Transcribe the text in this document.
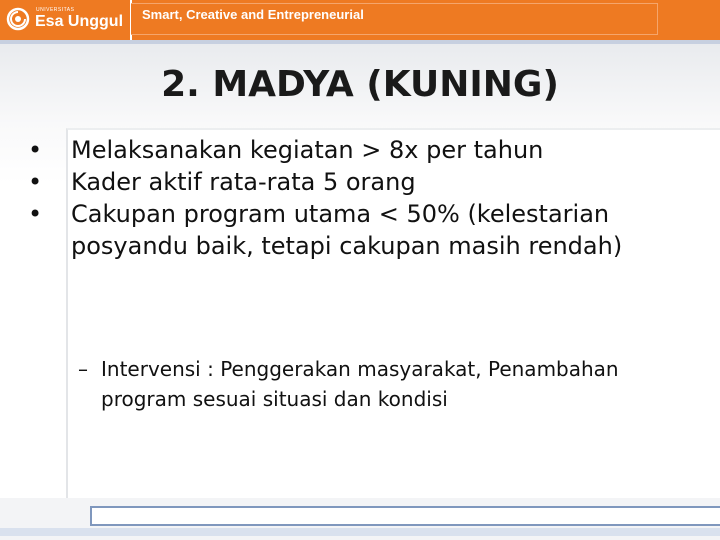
UNIVERSITAS
Esa Unggul Smart, Creative and Entrepreneurial
2. MADYA (KUNING)
• Melaksanakan kegiatan > 8x per tahun
• Kader aktif rata-rata 5 orang
• Cakupan program utama < 50% (kelestarian posyandu baik, tetapi cakupan masih rendah)
– Intervensi : Penggerakan masyarakat, Penambahan program sesuai situasi dan kondisi
